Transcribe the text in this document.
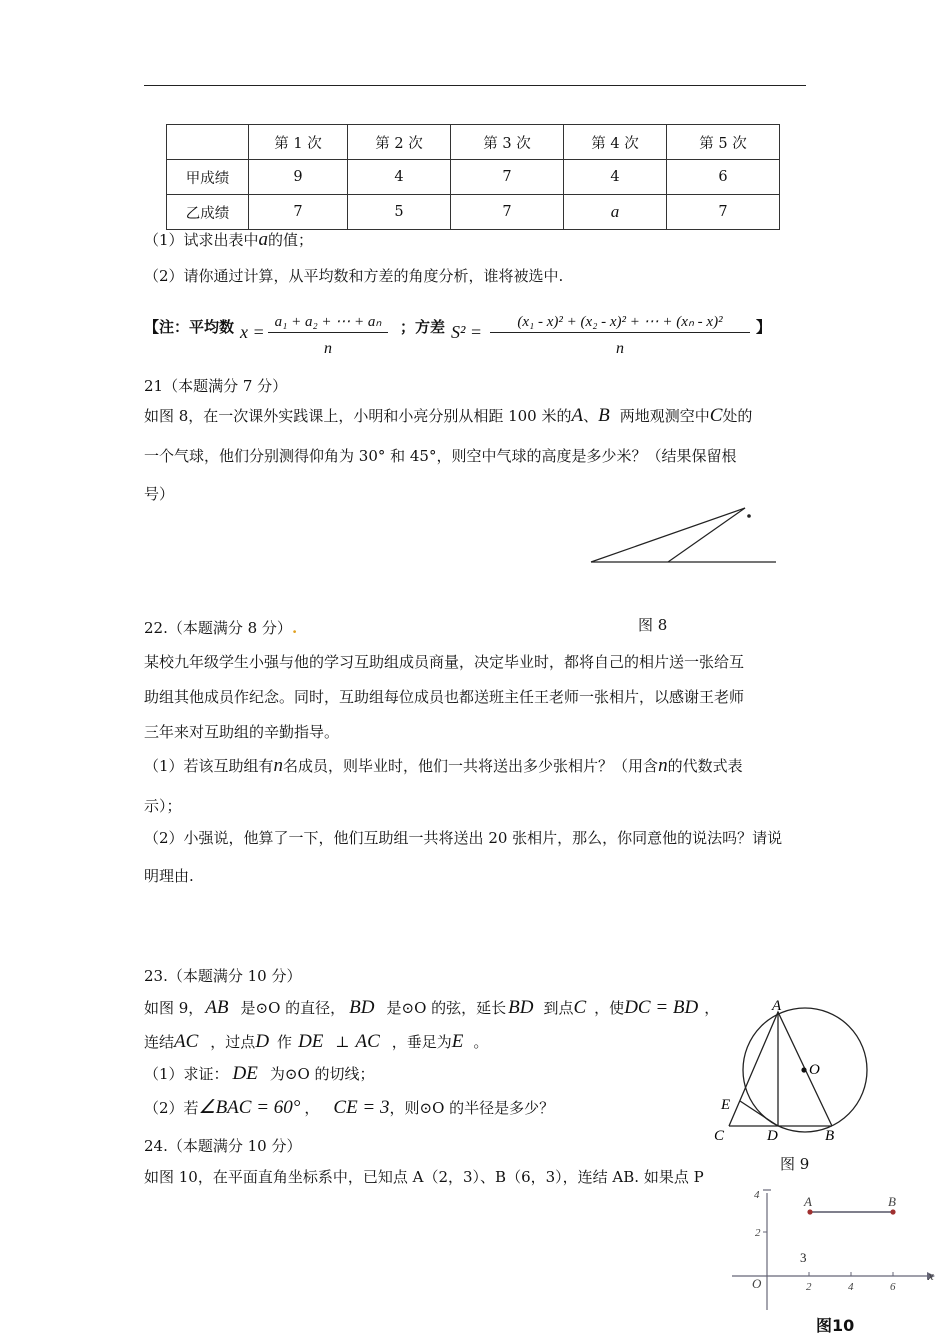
	第 1 次	第 2 次	第 3 次	第 4 次	第 5 次
甲成绩	9	4	7	4	6
乙成绩	7	5	7	a	7
（1）试求出表中a的值；
（2）请你通过计算，从平均数和方差的角度分析，谁将被选中.
【注：平均数 x = a₁ + a₂ + ⋯ + aₙ
n
；方差 S² =	(x₁ - x)² + (x₂ - x)² + ⋯ + (xₙ - x)²
n
】
21（本题满分 7 分）
如图 8，在一次课外实践课上，小明和小亮分别从相距 100 米的A、B 两地观测空中C处的
一个气球，他们分别测得仰角为 30° 和 45°，则空中气球的高度是多少米？（结果保留根
号）
图 8
22.（本题满分 8 分）.
某校九年级学生小强与他的学习互助组成员商量，决定毕业时，都将自己的相片送一张给互
助组其他成员作纪念。同时，互助组每位成员也都送班主任王老师一张相片，以感谢王老师
三年来对互助组的辛勤指导。
（1）若该互助组有n名成员，则毕业时，他们一共将送出多少张相片？（用含n的代数式表
示）；
（2）小强说，他算了一下，他们互助组一共将送出 20 张相片，那么，你同意他的说法吗？请说
明理由.
23.（本题满分 10 分）
如图 9， AB 是⊙O 的直径， BD 是⊙O 的弦，延长 BD 到点C ，使DC = BD ，
连结AC ，过点D 作 DE ⊥ AC ，垂足为E 。
（1）求证： DE 为⊙O 的切线；
（2）若∠BAC = 60° ， CE = 3，则⊙O 的半径是多少？
A
O
E
C	D	B
图 9
24.（本题满分 10 分）
如图 10，在平面直角坐标系中，已知点 A（2，3）、B（6，3），连结 AB. 如果点 P
A	B
4
2
O	2	4	6
x
3
图10
